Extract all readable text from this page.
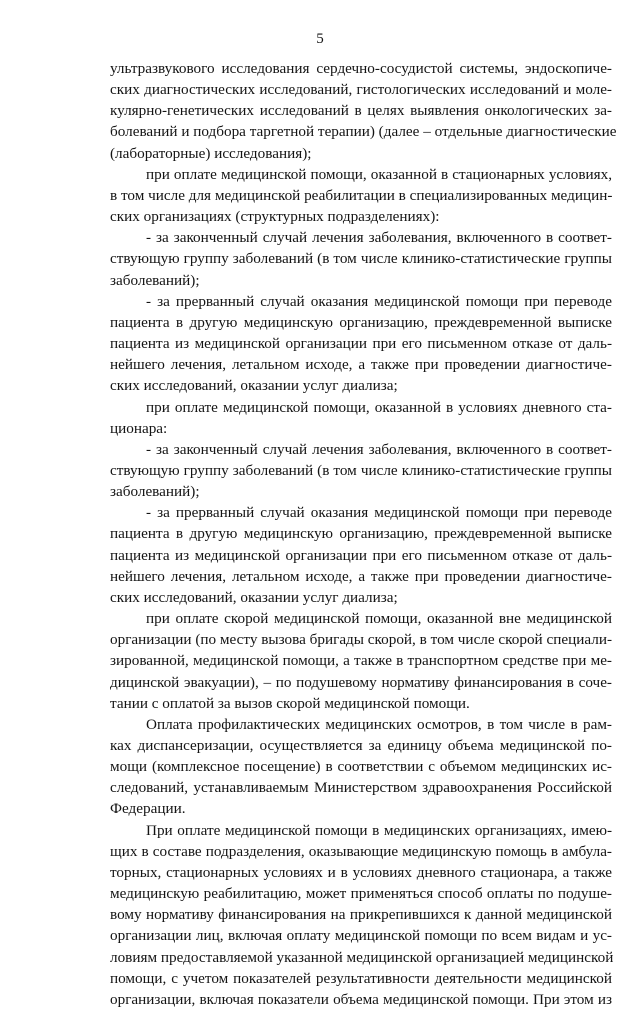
5

ультразвукового исследования сердечно-сосудистой системы, эндоскопиче-
ских диагностических исследований, гистологических исследований и моле-
кулярно-генетических исследований в целях выявления онкологических за-
болеваний и подбора таргетной терапии) (далее – отдельные диагностические
(лабораторные) исследования);

при оплате медицинской помощи, оказанной в стационарных условиях,
в том числе для медицинской реабилитации в специализированных медицин-
ских организациях (структурных подразделениях):

- за законченный случай лечения заболевания, включенного в соответ-
ствующую группу заболеваний (в том числе клинико-статистические группы
заболеваний);

- за прерванный случай оказания медицинской помощи при переводе
пациента в другую медицинскую организацию, преждевременной выписке
пациента из медицинской организации при его письменном отказе от даль-
нейшего лечения, летальном исходе, а также при проведении диагностиче-
ских исследований, оказании услуг диализа;

при оплате медицинской помощи, оказанной в условиях дневного ста-
ционара:

- за законченный случай лечения заболевания, включенного в соответ-
ствующую группу заболеваний (в том числе клинико-статистические группы
заболеваний);

- за прерванный случай оказания медицинской помощи при переводе
пациента в другую медицинскую организацию, преждевременной выписке
пациента из медицинской организации при его письменном отказе от даль-
нейшего лечения, летальном исходе, а также при проведении диагностиче-
ских исследований, оказании услуг диализа;

при оплате скорой медицинской помощи, оказанной вне медицинской
организации (по месту вызова бригады скорой, в том числе скорой специали-
зированной, медицинской помощи, а также в транспортном средстве при ме-
дицинской эвакуации), – по подушевому нормативу финансирования в соче-
тании с оплатой за вызов скорой медицинской помощи.

Оплата профилактических медицинских осмотров, в том числе в рам-
ках диспансеризации, осуществляется за единицу объема медицинской по-
мощи (комплексное посещение) в соответствии с объемом медицинских ис-
следований, устанавливаемым Министерством здравоохранения Российской
Федерации.

При оплате медицинской помощи в медицинских организациях, имею-
щих в составе подразделения, оказывающие медицинскую помощь в амбула-
торных, стационарных условиях и в условиях дневного стационара, а также
медицинскую реабилитацию, может применяться способ оплаты по подуше-
вому нормативу финансирования на прикрепившихся к данной медицинской
организации лиц, включая оплату медицинской помощи по всем видам и ус-
ловиям предоставляемой указанной медицинской организацией медицинской
помощи, с учетом показателей результативности деятельности медицинской
организации, включая показатели объема медицинской помощи. При этом из
